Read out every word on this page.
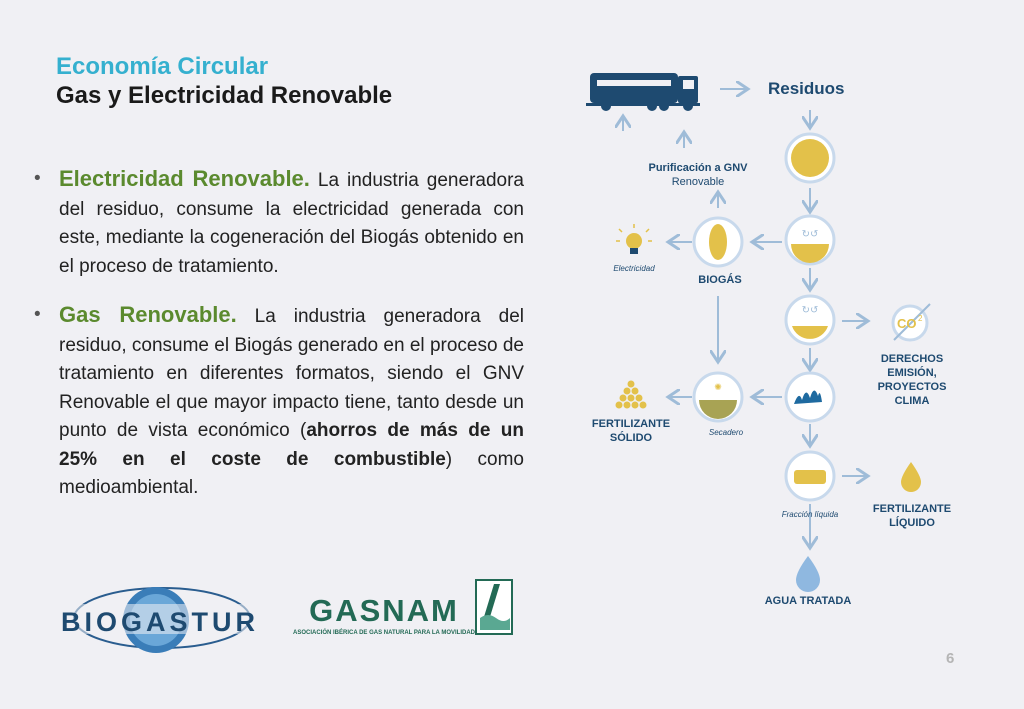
Economía Circular
Gas y Electricidad Renovable
• Electricidad Renovable. La industria generadora del residuo, consume la electricidad generada con este, mediante la cogeneración del Biogás obtenido en el proceso de tratamiento.
• Gas Renovable. La industria generadora del residuo, consume el Biogás generado en el proceso de tratamiento en diferentes formatos, siendo el GNV Renovable el que mayor impacto tiene, tanto desde un punto de vista económico (ahorros de más de un 25% en el coste de combustible) como medioambiental.
↻↺
↻↺
✺
CO 2
Residuos
Purificación a GNV
Renovable
Electricidad
BIOGÁS
DERECHOS
EMISIÓN,
PROYECTOS
CLIMA
FERTILIZANTE
SÓLIDO	Secadero
Fracción líquida	FERTILIZANTE
LÍQUIDO
AGUA TRATADA
BIOGASTUR GASNAM
ASOCIACIÓN IBÉRICA DE GAS NATURAL PARA LA MOVILIDAD
6
